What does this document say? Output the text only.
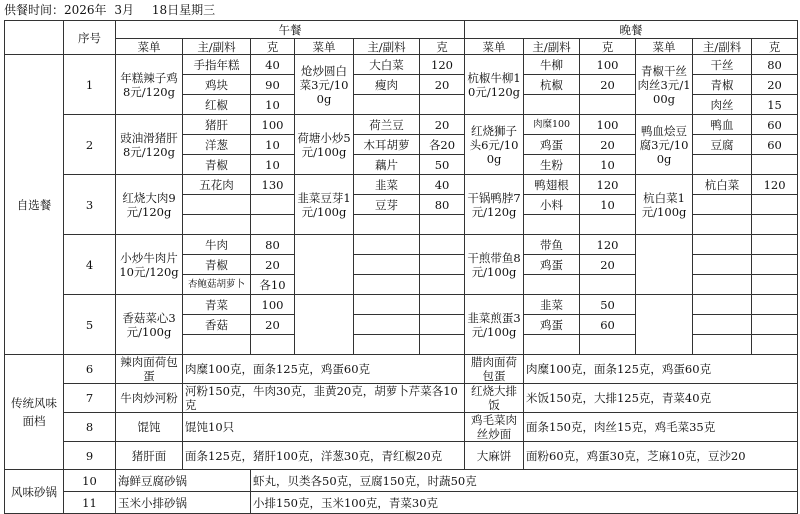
供餐时间：2026年 3月 18日星期三
	序号	午餐						晚餐					
		菜单	主/副料	克	菜单	主/副料	克	菜单	主/副料	克	菜单	主/副料	克
自选餐	1	年糕辣子鸡8元/120g	手指年糕	40	炝炒圆白菜3元/100g	大白菜	120	杭椒牛柳10元/120g	牛柳	100	青椒干丝肉丝3元/100g	干丝	80
			鸡块	90		瘦肉	20		杭椒	20		青椒	20
			红椒	10								肉丝	15
	2	豉油滑猪肝8元/120g	猪肝	100	荷塘小炒5元/100g	荷兰豆	20	红烧狮子头6元/100g	肉糜100	100	鸭血烩豆腐3元/100g	鸭血	60
			洋葱	10		木耳胡萝	各20		鸡蛋	20		豆腐	60
			青椒	10		藕片	50		生粉	10			
	3	红烧大肉9元/120g	五花肉	130	韭菜豆芽1元/100g	韭菜	40	干锅鸭脖7元/120g	鸭翅根	120	杭白菜1元/100g	杭白菜	120
						豆芽	80		小料	10			

	4	小炒牛肉片10元/120g	牛肉	80				干煎带鱼8元/100g	带鱼	120			
			青椒	20					鸡蛋	20			
			杏鲍菇胡萝卜	各10									
	5	香菇菜心3元/100g	青菜	100				韭菜煎蛋3元/100g	韭菜	50			
			香菇	20					鸡蛋	60			

传统风味面档	6	辣肉面荷包蛋	肉糜100克，面条125克，鸡蛋60克					腊肉面荷包蛋	肉糜100克，面条125克，鸡蛋60克				
	7	牛肉炒河粉	河粉150克，牛肉30克，韭黄20克，胡萝卜芹菜各10克					红烧大排饭	米饭150克，大排125克，青菜40克				
	8	馄饨	馄饨10只					鸡毛菜肉丝炒面	面条150克，肉丝15克，鸡毛菜35克				
	9	猪肝面	面条125克，猪肝100克，洋葱30克，青红椒20克					大麻饼	面粉60克，鸡蛋30克，芝麻10克，豆沙20				
风味砂锅	10	海鲜豆腐砂锅		虾丸，贝类各50克，豆腐150克，时蔬50克									
	11	玉米小排砂锅		小排150克，玉米100克，青菜30克									
